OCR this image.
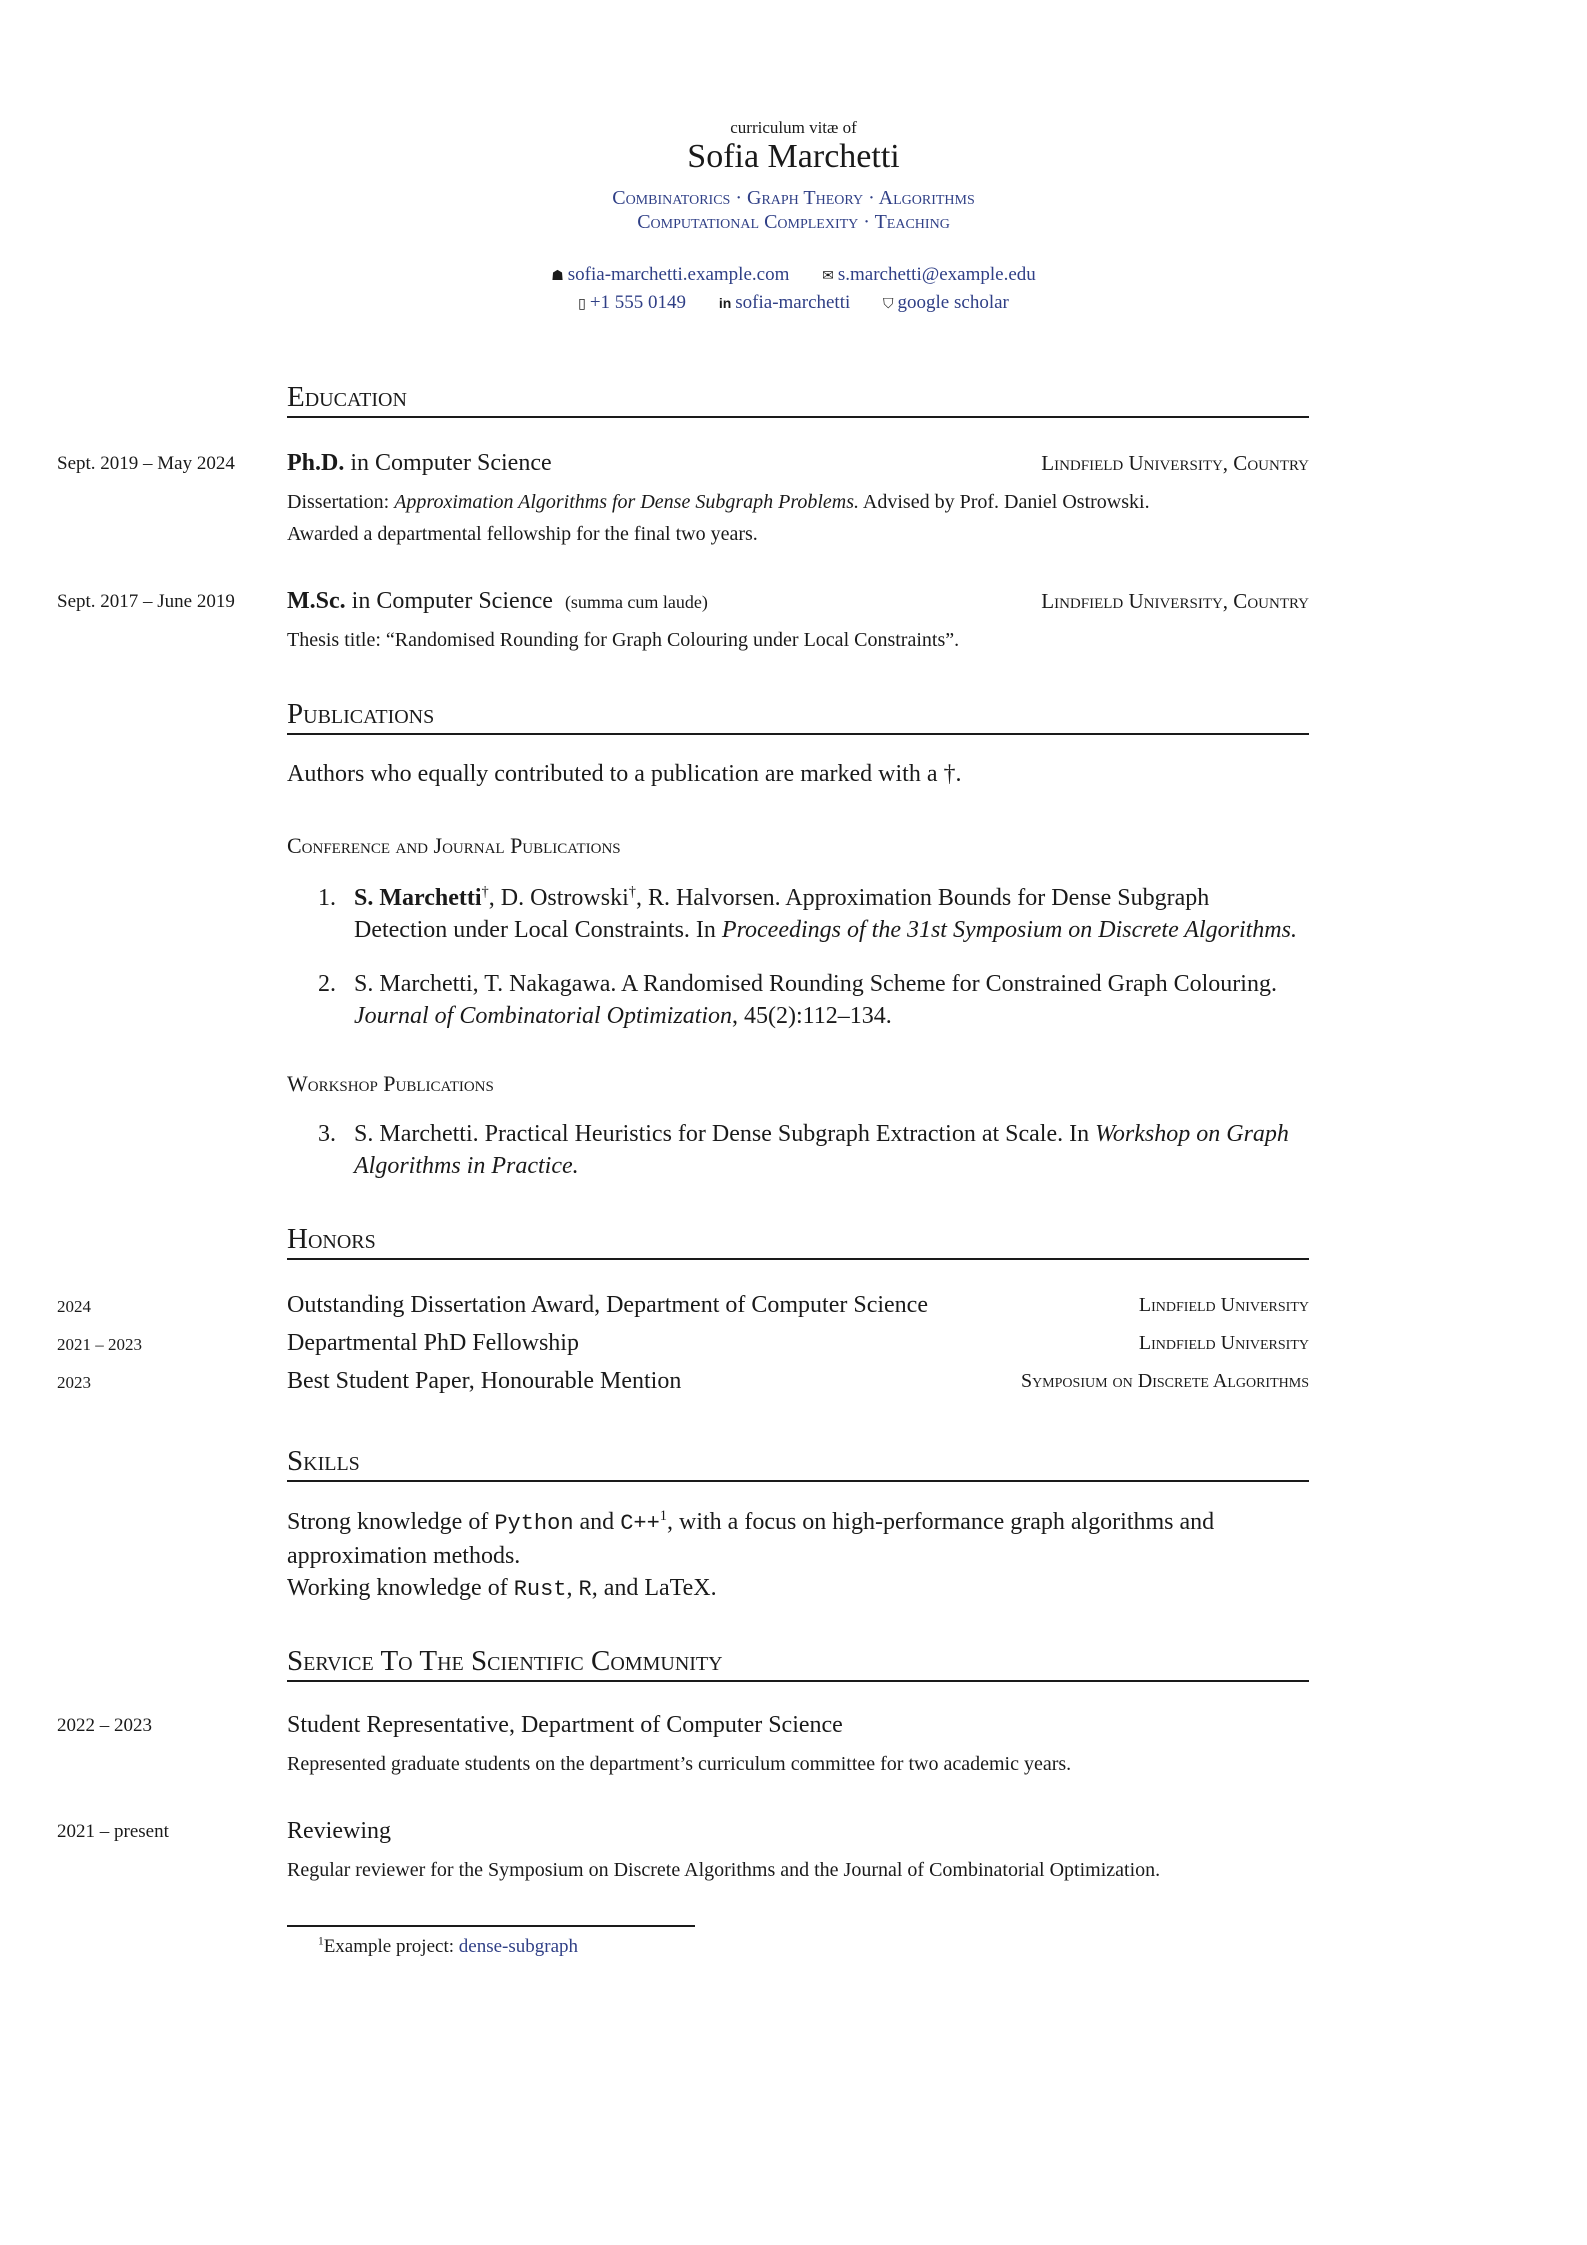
curriculum vitæ of
Sofia Marchetti
Combinatorics · Graph Theory · Algorithms
Computational Complexity · Teaching
☗ sofia-marchetti.example.com ✉ s.marchetti@example.edu
▯ +1 555 0149 in sofia-marchetti ⛉ google scholar
Education
Sept. 2019 – May 2024 Ph.D. in Computer Science	Lindfield University, Country
Dissertation: Approximation Algorithms for Dense Subgraph Problems. Advised by Prof. Daniel Ostrowski.
Awarded a departmental fellowship for the final two years.
Sept. 2017 – June 2019 M.Sc. in Computer Science (summa cum laude)	Lindfield University, Country
Thesis title: “Randomised Rounding for Graph Colouring under Local Constraints”.
Publications
Authors who equally contributed to a publication are marked with a †.
Conference and Journal Publications
1. S. Marchetti†, D. Ostrowski†, R. Halvorsen. Approximation Bounds for Dense Subgraph Detection under Local Constraints. In Proceedings of the 31st Symposium on Discrete Algorithms.
2. S. Marchetti, T. Nakagawa. A Randomised Rounding Scheme for Constrained Graph Colouring. Journal of Combinatorial Optimization, 45(2):112–134.
Workshop Publications
3. S. Marchetti. Practical Heuristics for Dense Subgraph Extraction at Scale. In Workshop on Graph Algorithms in Practice.
Honors
2024	Outstanding Dissertation Award, Department of Computer Science	Lindfield University
2021 – 2023	Departmental PhD Fellowship	Lindfield University
2023	Best Student Paper, Honourable Mention	Symposium on Discrete Algorithms
Skills
Strong knowledge of Python and C++$^1$, with a focus on high-performance graph algorithms and approximation methods.
Working knowledge of Rust, R, and LaTeX.
Service To The Scientific Community
2022 – 2023	Student Representative, Department of Computer Science
Represented graduate students on the department’s curriculum committee for two academic years.
2021 – present	Reviewing
Regular reviewer for the Symposium on Discrete Algorithms and the Journal of Combinatorial Optimization.
$^1$Example project: dense-subgraph
